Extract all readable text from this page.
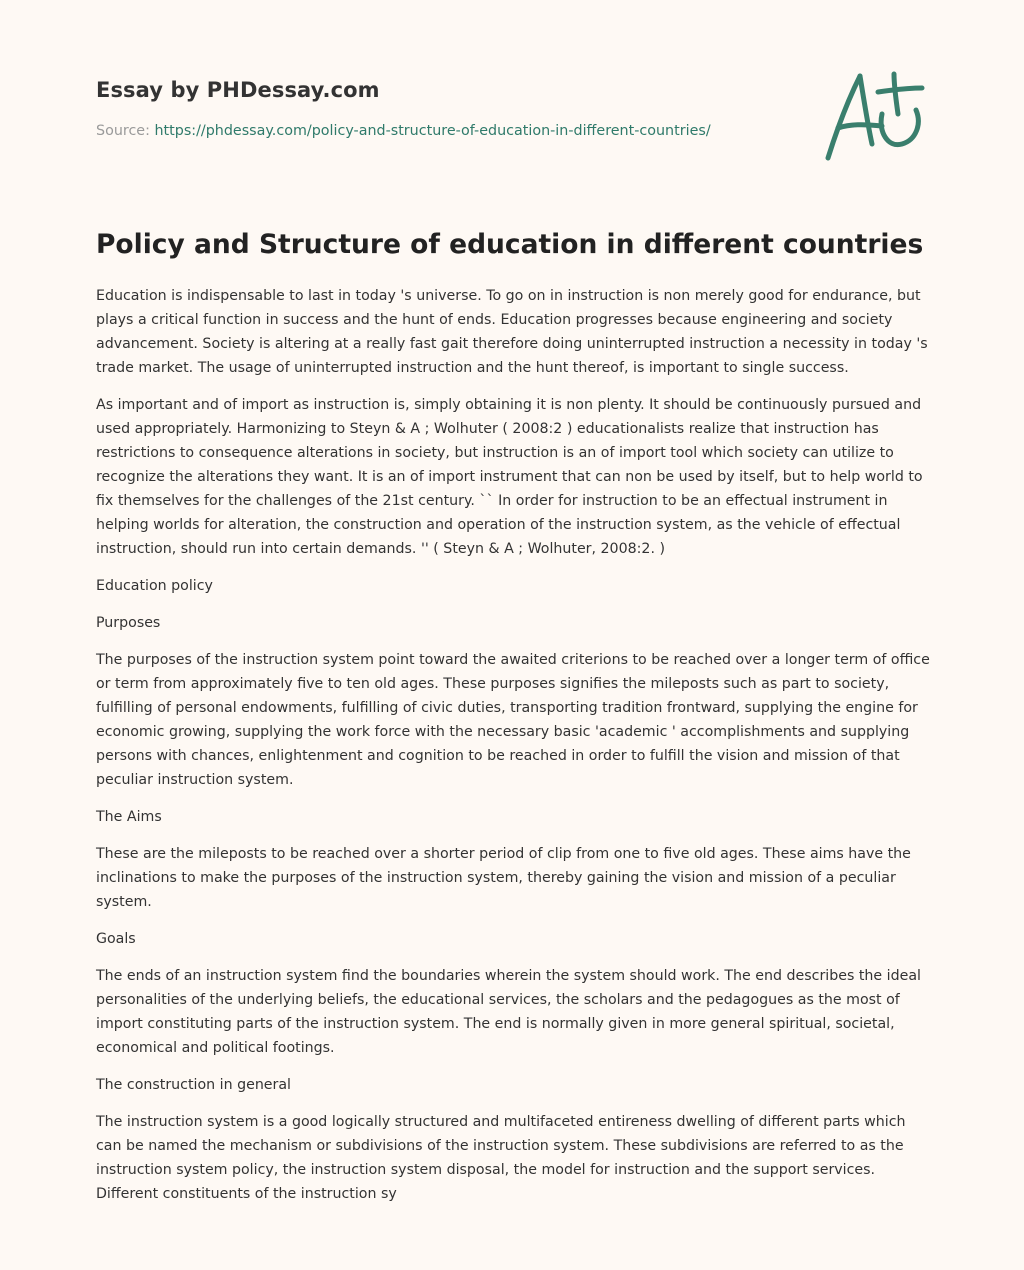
Essay by PHDessay.com
Source: https://phdessay.com/policy-and-structure-of-education-in-different-countries/
Policy and Structure of education in different countries

Education is indispensable to last in today 's universe. To go on in instruction is non merely good for endurance, but plays a critical function in success and the hunt of ends. Education progresses because engineering and society advancement. Society is altering at a really fast gait therefore doing uninterrupted instruction a necessity in today 's trade market. The usage of uninterrupted instruction and the hunt thereof, is important to single success.

As important and of import as instruction is, simply obtaining it is non plenty. It should be continuously pursued and used appropriately. Harmonizing to Steyn & A ; Wolhuter ( 2008:2 ) educationalists realize that instruction has restrictions to consequence alterations in society, but instruction is an of import tool which society can utilize to recognize the alterations they want. It is an of import instrument that can non be used by itself, but to help world to fix themselves for the challenges of the 21st century. `` In order for instruction to be an effectual instrument in helping worlds for alteration, the construction and operation of the instruction system, as the vehicle of effectual instruction, should run into certain demands. '' ( Steyn & A ; Wolhuter, 2008:2. )

Education policy

Purposes

The purposes of the instruction system point toward the awaited criterions to be reached over a longer term of office or term from approximately five to ten old ages. These purposes signifies the mileposts such as part to society, fulfilling of personal endowments, fulfilling of civic duties, transporting tradition frontward, supplying the engine for economic growing, supplying the work force with the necessary basic 'academic ' accomplishments and supplying persons with chances, enlightenment and cognition to be reached in order to fulfill the vision and mission of that peculiar instruction system.

The Aims

These are the mileposts to be reached over a shorter period of clip from one to five old ages. These aims have the inclinations to make the purposes of the instruction system, thereby gaining the vision and mission of a peculiar system.

Goals

The ends of an instruction system find the boundaries wherein the system should work. The end describes the ideal personalities of the underlying beliefs, the educational services, the scholars and the pedagogues as the most of import constituting parts of the instruction system. The end is normally given in more general spiritual, societal, economical and political footings.

The construction in general

The instruction system is a good logically structured and multifaceted entireness dwelling of different parts which can be named the mechanism or subdivisions of the instruction system. These subdivisions are referred to as the instruction system policy, the instruction system disposal, the model for instruction and the support services. Different constituents of the instruction sy
